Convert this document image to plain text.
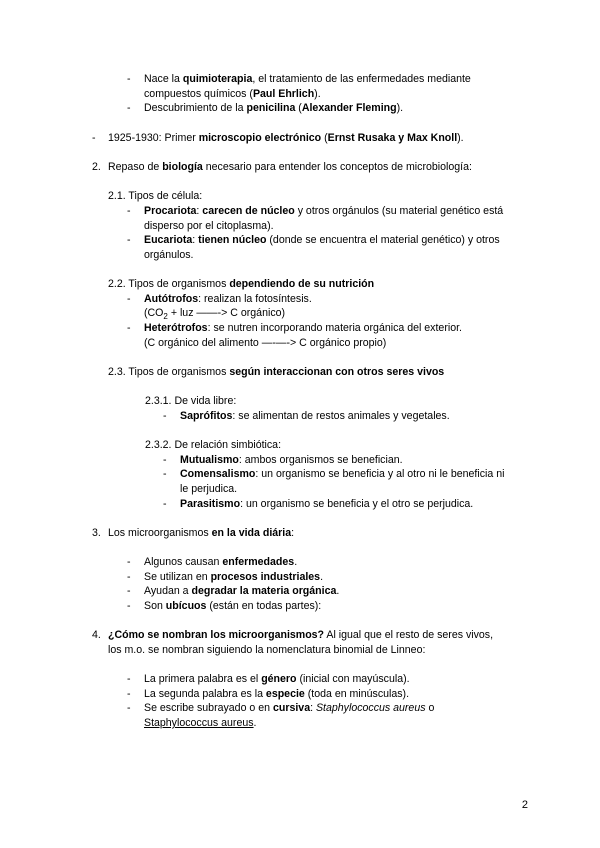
- Nace la quimioterapia, el tratamiento de las enfermedades mediante
compuestos químicos (Paul Ehrlich).
- Descubrimiento de la penicilina (Alexander Fleming).
- 1925-1930: Primer microscopio electrónico (Ernst Rusaka y Max Knoll).
2. Repaso de biología necesario para entender los conceptos de microbiología:
2.1. Tipos de célula:
- Procariota: carecen de núcleo y otros orgánulos (su material genético está
disperso por el citoplasma).
- Eucariota: tienen núcleo (donde se encuentra el material genético) y otros
orgánulos.
2.2. Tipos de organismos dependiendo de su nutrición
- Autótrofos: realizan la fotosíntesis.
($CO_2$ + luz ——-> C orgánico)
- Heterótrofos: se nutren incorporando materia orgánica del exterior.
(C orgánico del alimento —-—-> C orgánico propio)
2.3. Tipos de organismos según interaccionan con otros seres vivos
2.3.1. De vida libre:
- Saprófitos: se alimentan de restos animales y vegetales.
2.3.2. De relación simbiótica:
- Mutualismo: ambos organismos se benefician.
- Comensalismo: un organismo se beneficia y al otro ni le beneficia ni
le perjudica.
- Parasitismo: un organismo se beneficia y el otro se perjudica.
3. Los microorganismos en la vida diária:
- Algunos causan enfermedades.
- Se utilizan en procesos industriales.
- Ayudan a degradar la materia orgánica.
- Son ubícuos (están en todas partes):
4. ¿Cómo se nombran los microorganismos? Al igual que el resto de seres vivos,
los m.o. se nombran siguiendo la nomenclatura binomial de Linneo:
- La primera palabra es el género (inicial con mayúscula).
- La segunda palabra es la especie (toda en minúsculas).
- Se escribe subrayado o en cursiva: Staphylococcus aureus o
Staphylococcus aureus.
2
